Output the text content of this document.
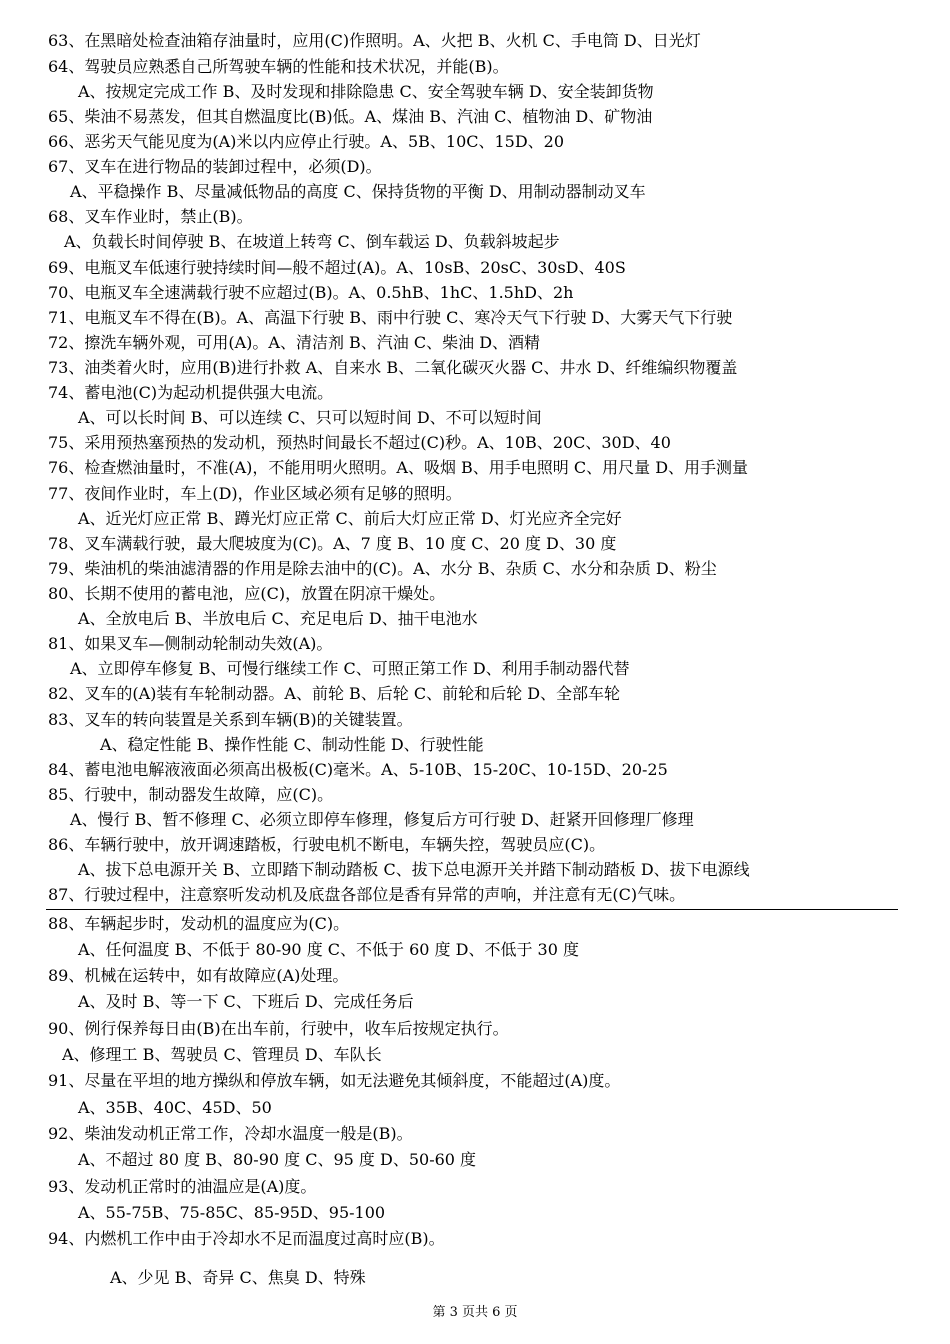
63、在黑暗处检查油箱存油量时，应用(C)作照明。A、火把 B、火机 C、手电筒 D、日光灯
64、驾驶员应熟悉自己所驾驶车辆的性能和技术状况，并能(B)。
A、按规定完成工作 B、及时发现和排除隐患 C、安全驾驶车辆 D、安全装卸货物
65、柴油不易蒸发，但其自燃温度比(B)低。A、煤油 B、汽油 C、植物油 D、矿物油
66、恶劣天气能见度为(A)米以内应停止行驶。A、5B、10C、15D、20
67、叉车在进行物品的装卸过程中，必须(D)。
A、平稳操作 B、尽量减低物品的高度 C、保持货物的平衡 D、用制动器制动叉车
68、叉车作业时，禁止(B)。
A、负载长时间停驶 B、在坡道上转弯 C、倒车载运 D、负载斜坡起步
69、电瓶叉车低速行驶持续时间—般不超过(A)。A、10sB、20sC、30sD、40S
70、电瓶叉车全速满载行驶不应超过(B)。A、0.5hB、1hC、1.5hD、2h
71、电瓶叉车不得在(B)。A、高温下行驶 B、雨中行驶 C、寒冷天气下行驶 D、大雾天气下行驶
72、擦洗车辆外观，可用(A)。A、清洁剂 B、汽油 C、柴油 D、酒精
73、油类着火时，应用(B)进行扑救 A、自来水 B、二氧化碳灭火器 C、井水 D、纤维编织物覆盖
74、蓄电池(C)为起动机提供强大电流。
A、可以长时间 B、可以连续 C、只可以短时间 D、不可以短时间
75、采用预热塞预热的发动机，预热时间最长不超过(C)秒。A、10B、20C、30D、40
76、检查燃油量时，不准(A)，不能用明火照明。A、吸烟 B、用手电照明 C、用尺量 D、用手测量
77、夜间作业时，车上(D)，作业区域必须有足够的照明。
A、近光灯应正常 B、蹲光灯应正常 C、前后大灯应正常 D、灯光应齐全完好
78、叉车满载行驶，最大爬坡度为(C)。A、7 度 B、10 度 C、20 度 D、30 度
79、柴油机的柴油滤清器的作用是除去油中的(C)。A、水分 B、杂质 C、水分和杂质 D、粉尘
80、长期不使用的蓄电池，应(C)，放置在阴凉干燥处。
A、全放电后 B、半放电后 C、充足电后 D、抽干电池水
81、如果叉车—侧制动轮制动失效(A)。
A、立即停车修复 B、可慢行继续工作 C、可照正第工作 D、利用手制动器代替
82、叉车的(A)装有车轮制动器。A、前轮 B、后轮 C、前轮和后轮 D、全部车轮
83、叉车的转向装置是关系到车辆(B)的关键装置。
A、稳定性能 B、操作性能 C、制动性能 D、行驶性能
84、蓄电池电解液液面必须高出极板(C)毫米。A、5-10B、15-20C、10-15D、20-25
85、行驶中，制动器发生故障，应(C)。
A、慢行 B、暂不修理 C、必须立即停车修理，修复后方可行驶 D、赶紧开回修理厂修理
86、车辆行驶中，放开调速踏板，行驶电机不断电，车辆失控，驾驶员应(C)。
A、拔下总电源开关 B、立即踏下制动踏板 C、拔下总电源开关并踏下制动踏板 D、拔下电源线
87、行驶过程中，注意察听发动机及底盘各部位是香有异常的声响，并注意有无(C)气味。
88、车辆起步时，发动机的温度应为(C)。
A、任何温度 B、不低于 80-90 度 C、不低于 60 度 D、不低于 30 度
89、机械在运转中，如有故障应(A)处理。
A、及时 B、等一下 C、下班后 D、完成任务后
90、例行保养每日由(B)在出车前，行驶中，收车后按规定执行。
A、修理工 B、驾驶员 C、管理员 D、车队长
91、尽量在平坦的地方操纵和停放车辆，如无法避免其倾斜度，不能超过(A)度。
A、35B、40C、45D、50
92、柴油发动机正常工作，冷却水温度一般是(B)。
A、不超过 80 度 B、80-90 度 C、95 度 D、50-60 度
93、发动机正常时的油温应是(A)度。
A、55-75B、75-85C、85-95D、95-100
94、内燃机工作中由于冷却水不足而温度过高时应(B)。
A、少见 B、奇异 C、焦臭 D、特殊
第 3 页共 6 页
